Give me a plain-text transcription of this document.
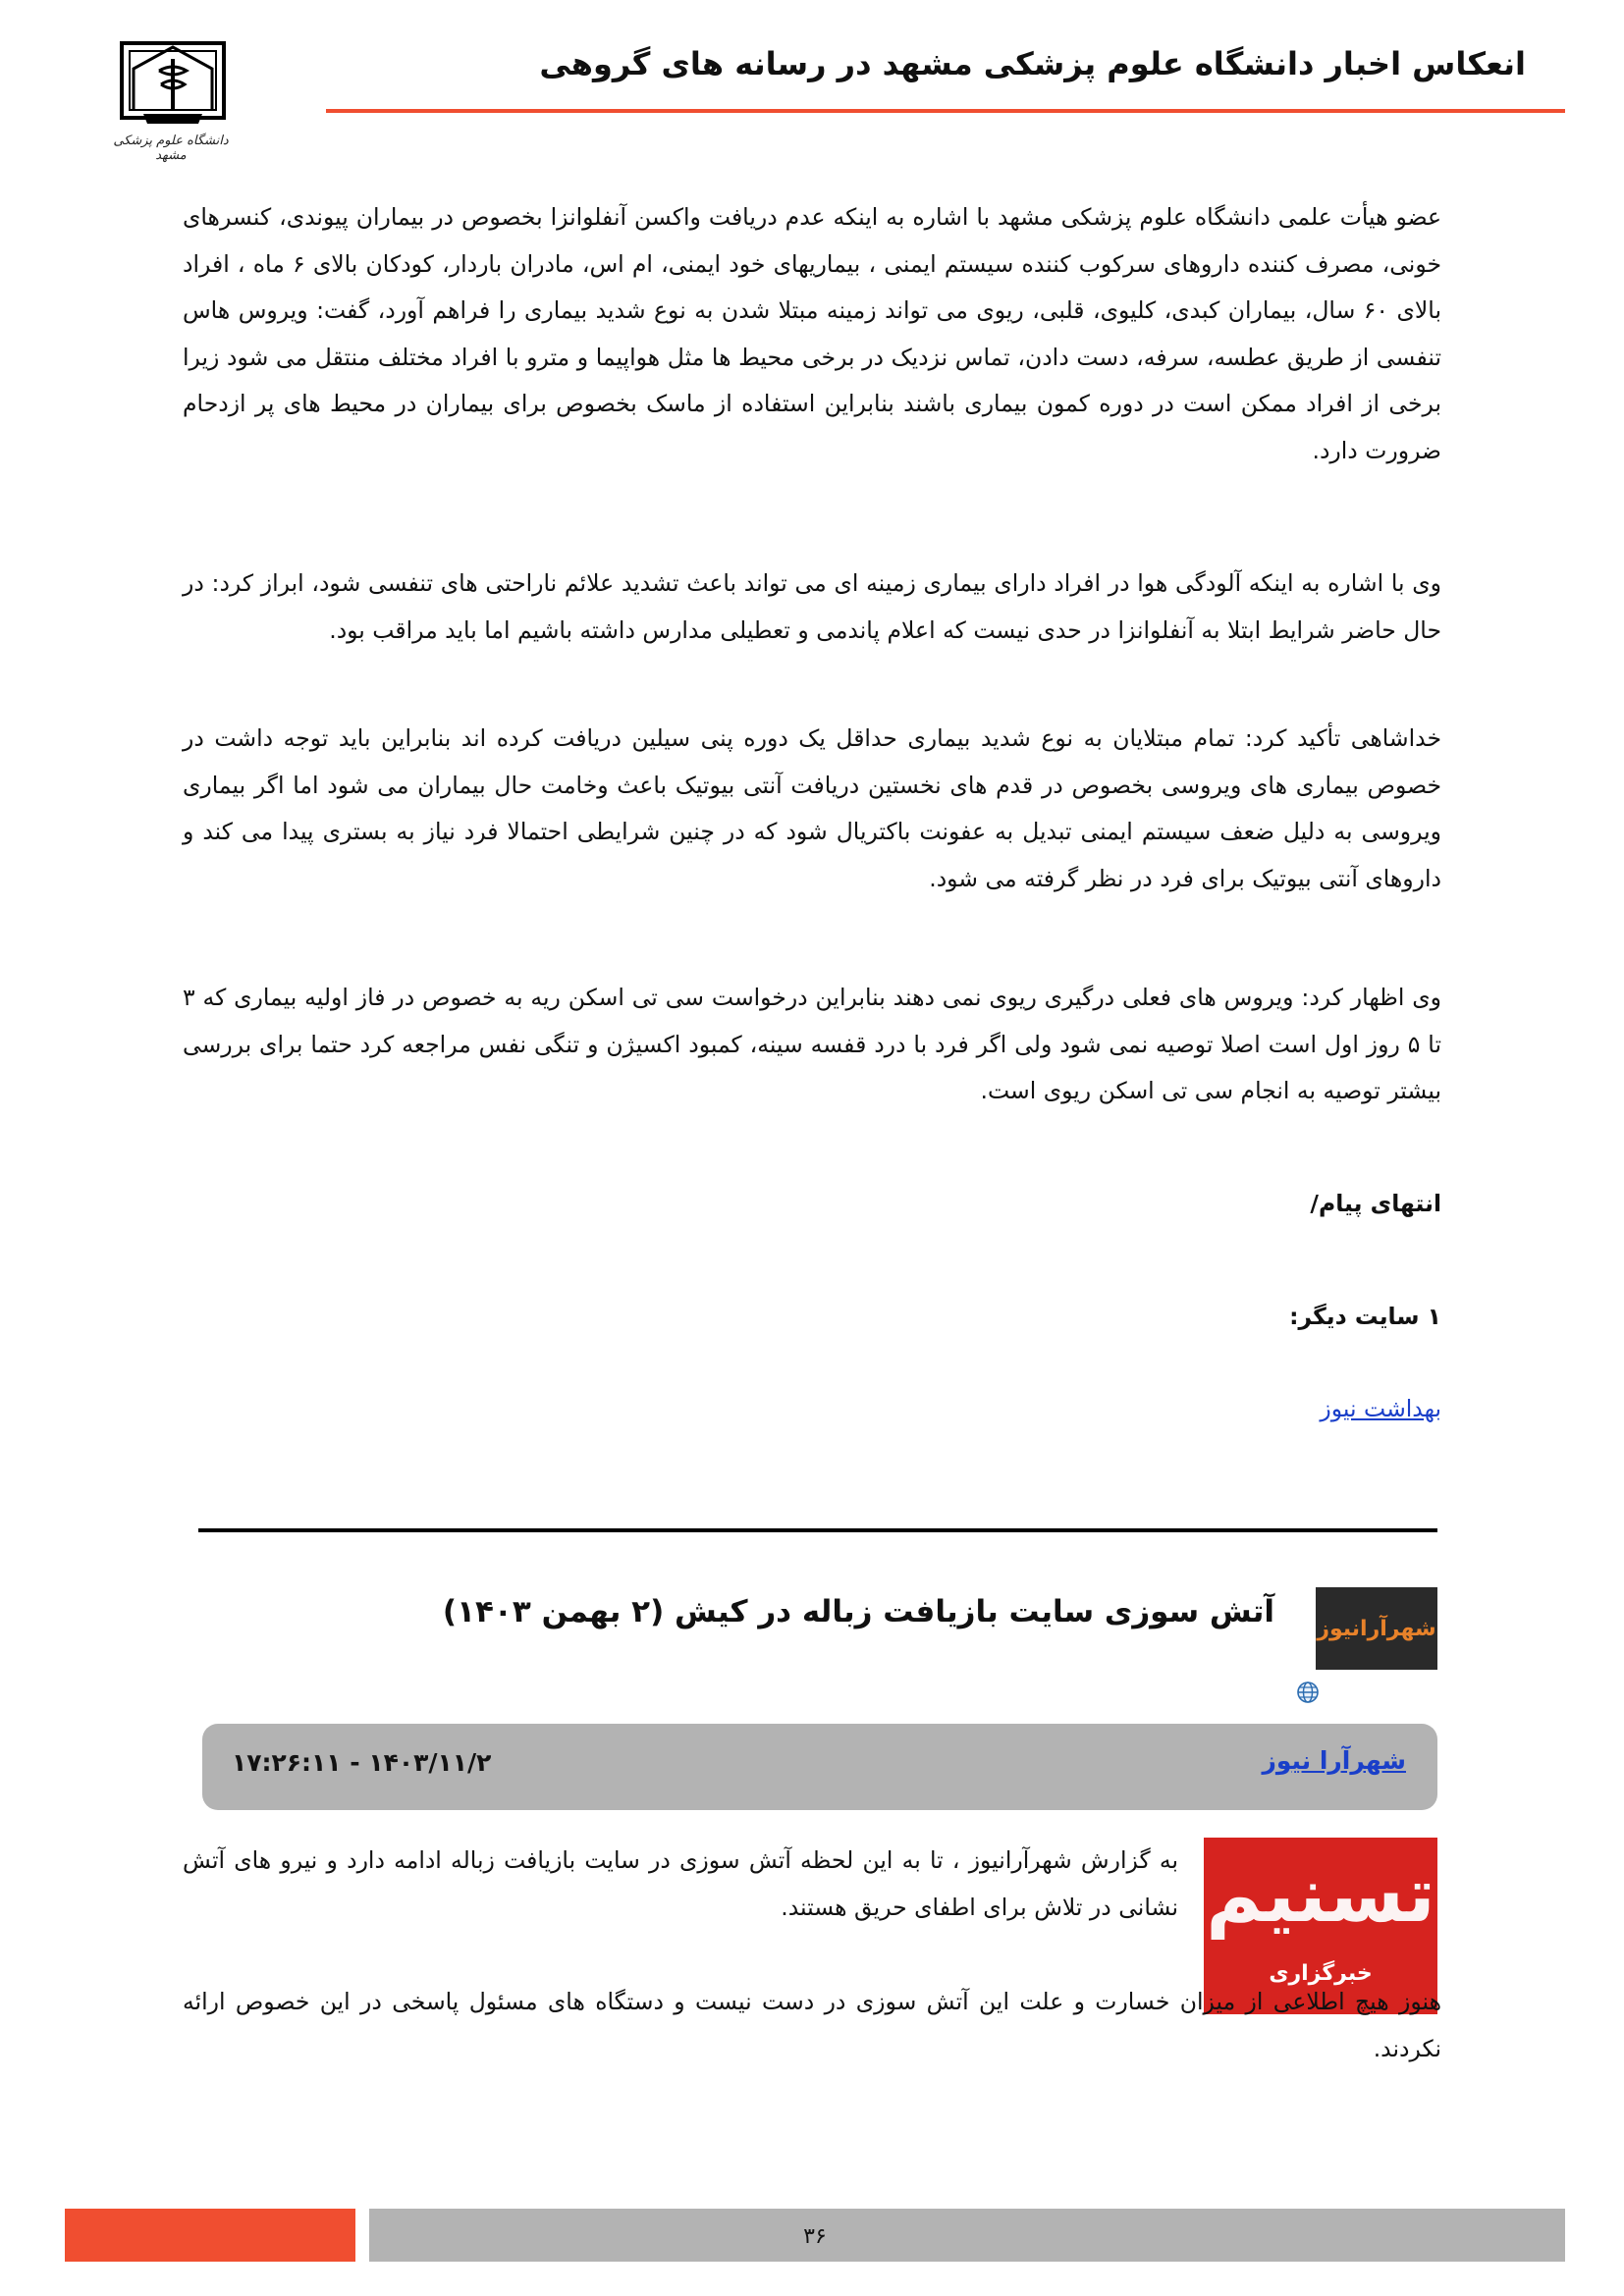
انعکاس اخبار دانشگاه علوم پزشکی مشهد در رسانه های گروهی
دانشگاه علوم پزشکی مشهد

عضو هیأت علمی دانشگاه علوم پزشکی مشهد با اشاره به اینکه عدم دریافت واکسن آنفلوانزا بخصوص در بیماران پیوندی، کنسرهای خونی، مصرف کننده داروهای سرکوب کننده سیستم ایمنی ، بیماریهای خود ایمنی، ام اس، مادران باردار، کودکان بالای ۶ ماه ، افراد بالای ۶۰ سال، بیماران کبدی، کلیوی، قلبی، ریوی می تواند زمینه مبتلا شدن به نوع شدید بیماری را فراهم آورد، گفت: ویروس هاس تنفسی از طریق عطسه، سرفه، دست دادن، تماس نزدیک در برخی محیط ها مثل هواپیما و مترو با افراد مختلف منتقل می شود زیرا برخی از افراد ممکن است در دوره کمون بیماری باشند بنابراین استفاده از ماسک بخصوص برای بیماران در محیط های پر ازدحام ضرورت دارد.

وی با اشاره به اینکه آلودگی هوا در افراد دارای بیماری زمینه ای می تواند باعث تشدید علائم ناراحتی های تنفسی شود، ابراز کرد: در حال حاضر شرایط ابتلا به آنفلوانزا در حدی نیست که اعلام پاندمی و تعطیلی مدارس داشته باشیم اما باید مراقب بود.

خداشاهی تأکید کرد: تمام مبتلایان به نوع شدید بیماری حداقل یک دوره پنی سیلین دریافت کرده اند بنابراین باید توجه داشت در خصوص بیماری های ویروسی بخصوص در قدم های نخستین دریافت آنتی بیوتیک باعث وخامت حال بیماران می شود اما اگر بیماری ویروسی به دلیل ضعف سیستم ایمنی تبدیل به عفونت باکتریال شود که در چنین شرایطی احتمالا فرد نیاز به بستری پیدا می کند و داروهای آنتی بیوتیک برای فرد در نظر گرفته می شود.

وی اظهار کرد: ویروس های فعلی درگیری ریوی نمی دهند بنابراین درخواست سی تی اسکن ریه به خصوص در فاز اولیه بیماری که ۳ تا ۵ روز اول است اصلا توصیه نمی شود ولی اگر فرد با درد قفسه سینه، کمبود اکسیژن و تنگی نفس مراجعه کرد حتما برای بررسی بیشتر توصیه به انجام سی تی اسکن ریوی است.

انتهای پیام/
۱ سایت دیگر:
بهداشت نیوز
شهرآرانیوز
آتش سوزی سایت بازیافت زباله در کیش (۲ بهمن ۱۴۰۳)
شهرآرا نیوز
۱۴۰۳/۱۱/۲ - ۱۷:۲۶:۱۱
تسنیم
خبرگزاری

به گزارش شهرآرانیوز ، تا به این لحظه آتش سوزی در سایت بازیافت زباله ادامه دارد و نیرو های آتش نشانی در تلاش برای اطفای حریق هستند.

هنوز هیچ اطلاعی از میزان خسارت و علت این آتش سوزی در دست نیست و دستگاه های مسئول پاسخی در این خصوص ارائه نکردند.

۳۶
